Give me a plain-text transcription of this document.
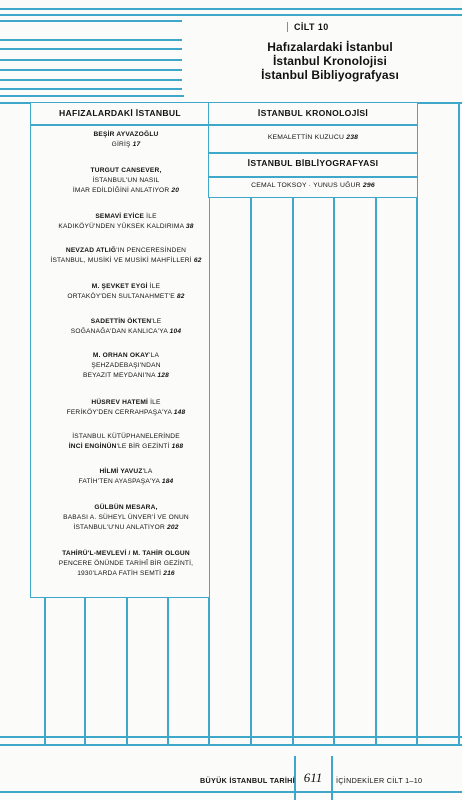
CİLT 10
Hafızalardaki İstanbul
İstanbul Kronolojisi
İstanbul Bibliyografyası
HAFIZALARDAKİ İSTANBUL	İSTANBUL KRONOLOJİSİ
KEMALETTİN KUZUCU 238
İSTANBUL BİBLİYOGRAFYASI
CEMAL TOKSOY · YUNUS UĞUR 296
BEŞİR AYVAZOĞLU
GİRİŞ 17
TURGUT CANSEVER,
İSTANBUL'UN NASIL
İMAR EDİLDİĞİNİ ANLATIYOR 20
SEMAVİ EYİCE İLE
KADIKÖYÜ'NDEN YÜKSEK KALDIRIMA 38
NEVZAD ATLIĞ'IN PENCERESİNDEN
İSTANBUL, MUSİKİ VE MUSİKİ MAHFİLLERİ 62
M. ŞEVKET EYGİ İLE
ORTAKÖY'DEN SULTANAHMET'E 82
SADETTİN ÖKTEN'LE
SOĞANAĞA'DAN KANLICA'YA 104
M. ORHAN OKAY'LA
ŞEHZADEBAŞI'NDAN
BEYAZIT MEYDANI'NA 128
HÜSREV HATEMİ İLE
FERİKÖY'DEN CERRAHPAŞA'YA 148
İSTANBUL KÜTÜPHANELERİNDE
İNCİ ENGİNÜN'LE BİR GEZİNTİ 168
HİLMİ YAVUZ'LA
FATİH'TEN AYASPAŞA'YA 184
GÜLBÜN MESARA,
BABASI A. SÜHEYL ÜNVER'İ VE ONUN
İSTANBUL'U'NU ANLATIYOR 202
TAHİRÜ'L-MEVLEVİ / M. TAHİR OLGUN
PENCERE ÖNÜNDE TARİHÎ BİR GEZİNTİ,
1930'LARDA FATİH SEMTİ 216
BÜYÜK İSTANBUL TARİHİ 611	İÇİNDEKİLER CİLT 1–10
